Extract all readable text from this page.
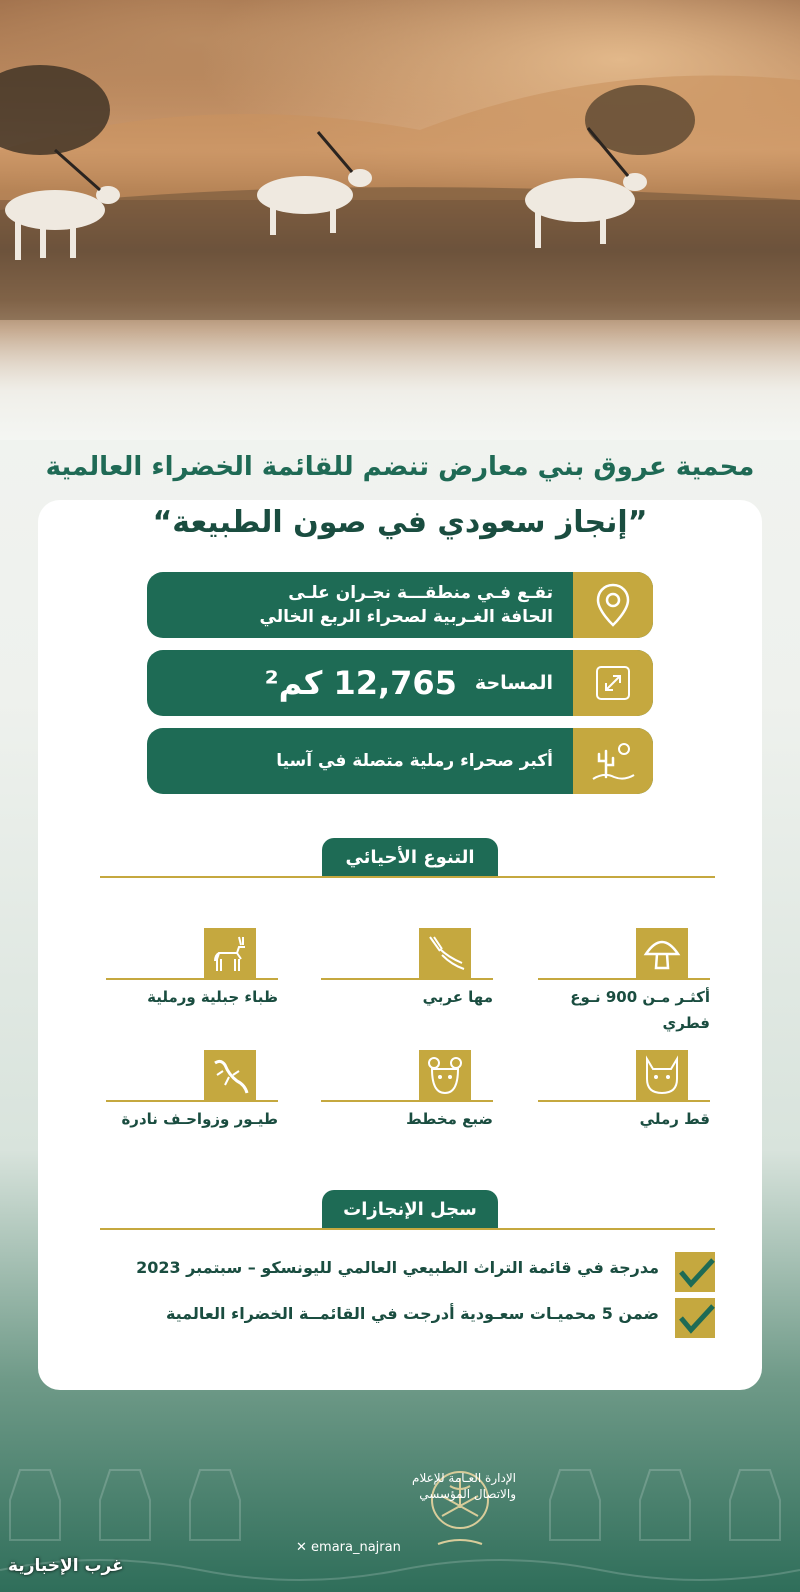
محمية عروق بني معارض تنضم للقائمة الخضراء العالمية
”إنجاز سعودي في صون الطبيعة“
تقـع فـي منطقـــة نجـران علـى
الحافة الغـربية لصحراء الربع الخالي
المساحة
12,765 كم²
أكبر صحراء رملية متصلة في آسيا
التنوع الأحيائي
أكثـر مـن 900 نـوع فطري
مها عربي
ظباء جبلية ورملية
قط رملي
ضبع مخطط
طيـور وزواحـف نادرة
سجل الإنجازات
مدرجة في قائمة التراث الطبيعي العالمي لليونسكو – سبتمبر 2023
ضمن 5 محميـات سعـودية أدرجت في القائمــة الخضراء العالمية
الإدارة العـامة للإعلام
والاتصال المؤسسي
✕ emara_najran
غرب الإخبارية
